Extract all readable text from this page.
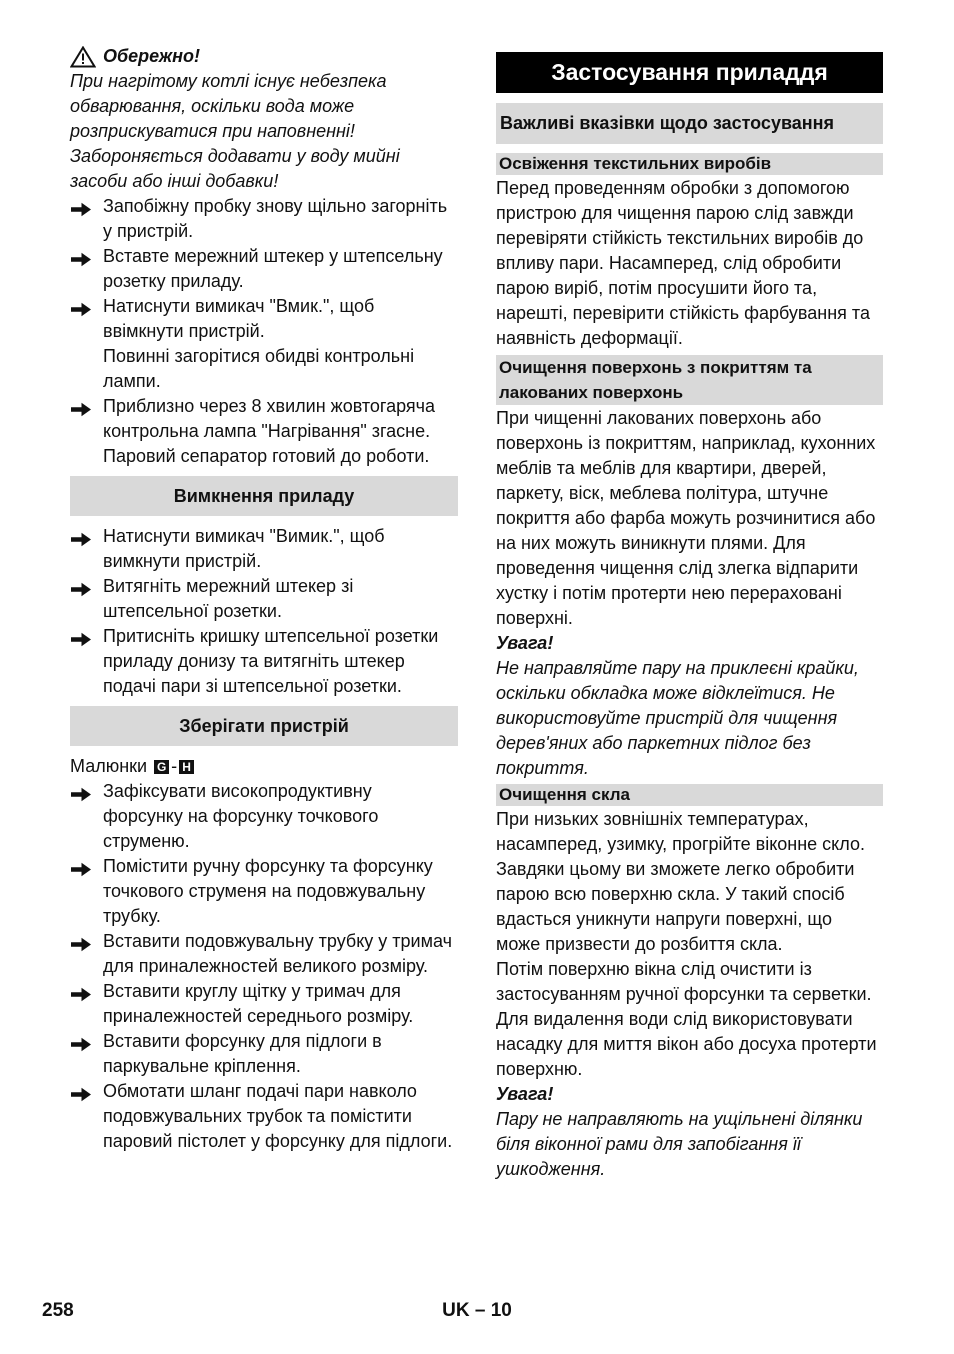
Обережно!

При нагрітому котлі існує небезпека
обварювання, оскільки вода може
розприскуватися при наповненні!
Забороняється додавати у воду мийні
засоби або інші добавки!

Запобіжну пробку знову щільно загорніть
у пристрій.

Вставте мережний штекер у штепсельну
розетку приладу.

Натиснути вимикач "Вмик.", щоб
ввімкнути пристрій.
Повинні загорітися обидві контрольні
лампи.

Приблизно через 8 хвилин жовтогаряча
контрольна лампа "Нагрівання" згасне.
Паровий сепаратор готовий до роботи.

Вимкнення приладу

Натиснути вимикач "Вимик.", щоб
вимкнути пристрій.

Витягніть мережний штекер зі
штепсельної розетки.

Притисніть кришку штепсельної розетки
приладу донизу та витягніть штекер
подачі пари зі штепсельної розетки.

Зберігати пристрій

Малюнки G - H

Зафіксувати високопродуктивну
форсунку на форсунку точкового
струменю.

Помістити ручну форсунку та форсунку
точкового струменя на подовжувальну
трубку.

Вставити подовжувальну трубку у тримач
для приналежностей великого розміру.

Вставити круглу щітку у тримач для
приналежностей середнього розміру.

Вставити форсунку для підлоги в
паркувальне кріплення.

Обмотати шланг подачі пари навколо
подовжувальних трубок та помістити
паровий пістолет у форсунку для підлоги.

Застосування приладдя
Важливі вказівки щодо застосування
Освіження текстильних виробів

Перед проведенням обробки з допомогою
пристрою для чищення парою слід завжди
перевіряти стійкість текстильних виробів до
впливу пари. Насамперед, слід обробити
парою виріб, потім просушити його та,
нарешті, перевірити стійкість фарбування та
наявність деформації.

Очищення поверхонь з покриттям та
лакованих поверхонь

При чищенні лакованих поверхонь або
поверхонь із покриттям, наприклад, кухонних
меблів та меблів для квартири, дверей,
паркету, віск, меблева політура, штучне
покриття або фарба можуть розчинитися або
на них можуть виникнути плями. Для
проведення чищення слід злегка відпарити
хустку і потім протерти нею перераховані
поверхні.

Увага!

Не направляйте пару на приклеєні крайки,
оскільки обкладка може відклеїтися. Не
використовуйте пристрій для чищення
дерев'яних або паркетних підлог без
покриття.

Очищення скла

При низьких зовнішніх температурах,
насамперед, узимку, прогрійте віконне скло.
Завдяки цьому ви зможете легко обробити
парою всю поверхню скла. У такий спосіб
вдасться уникнути напруги поверхні, що
може призвести до розбиття скла.
Потім поверхню вікна слід очистити із
застосуванням ручної форсунки та серветки.
Для видалення води слід використовувати
насадку для миття вікон або досуха протерти
поверхню.

Увага!

Пару не направляють на ущільнені ділянки
біля віконної рами для запобігання її
ушкодження.

258	UK – 10
